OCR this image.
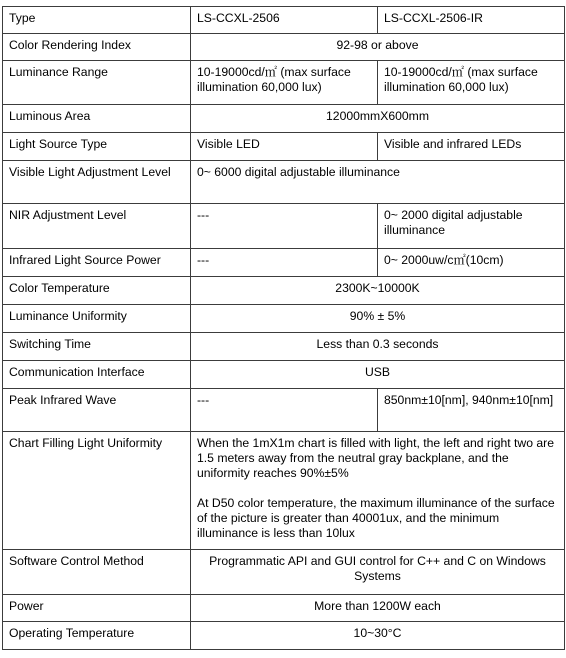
Type	LS-CCXL-2506	LS-CCXL-2506-IR
Color Rendering Index	92-98 or above	
Luminance Range	10-19000cd/㎡ (max surface illumination 60,000 lux)	10-19000cd/㎡ (max surface illumination 60,000 lux)
Luminous Area	12000mmX600mm	
Light Source Type	Visible LED	Visible and infrared LEDs
Visible Light Adjustment Level	0~ 6000 digital adjustable illuminance	
NIR Adjustment Level	---	0~ 2000 digital adjustable illuminance
Infrared Light Source Power	---	0~ 2000uw/c㎡(10cm)
Color Temperature	2300K~10000K	
Luminance Uniformity	90% ± 5%	
Switching Time	Less than 0.3 seconds	
Communication Interface	USB	
Peak Infrared Wave	---	850nm±10[nm], 940nm±10[nm]
Chart Filling Light Uniformity	When the 1mX1m chart is filled with light, the left and right two are 1.5 meters away from the neutral gray backplane, and the uniformity reaches 90%±5%

At D50 color temperature, the maximum illuminance of the surface of the picture is greater than 40001ux, and the minimum illuminance is less than 10lux	

Software Control Method	Programmatic API and GUI control for C++ and C on Windows Systems	
Power	More than 1200W each	
Operating Temperature	10~30°C	
